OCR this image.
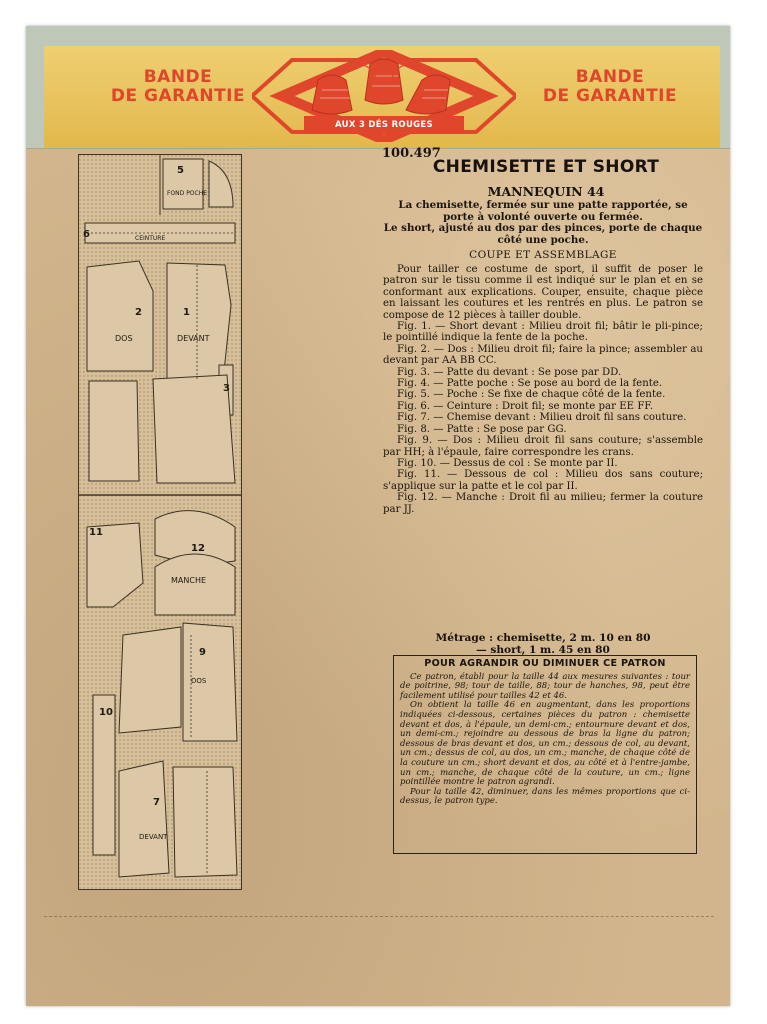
BANDE
DE GARANTIE
AUX 3 DÉS ROUGES
BANDE
DE GARANTIE
5
6
2	1
3
11
12
9
7
10
FOND POCHE
CEINTURE
DOS	DEVANT
MANCHE
DOS
DEVANT
100.497
CHEMISETTE ET SHORT
MANNEQUIN 44

La chemisette, fermée sur une patte rapportée, se porte à volonté ouverte ou fermée.

Le short, ajusté au dos par des pinces, porte de chaque côté une poche.

COUPE ET ASSEMBLAGE

Pour tailler ce costume de sport, il suffit de poser le patron sur le tissu comme il est indiqué sur le plan et en se conformant aux explications. Couper, ensuite, chaque pièce en laissant les coutures et les rentrés en plus. Le patron se compose de 12 pièces à tailler double.

Fig. 1. — Short devant : Milieu droit fil; bâtir le pli-pince; le pointillé indique la fente de la poche.

Fig. 2. — Dos : Milieu droit fil; faire la pince; assembler au devant par AA BB CC.

Fig. 3. — Patte du devant : Se pose par DD.

Fig. 4. — Patte poche : Se pose au bord de la fente.

Fig. 5. — Poche : Se fixe de chaque côté de la fente.

Fig. 6. — Ceinture : Droit fil; se monte par EE FF.

Fig. 7. — Chemise devant : Milieu droit fil sans couture.

Fig. 8. — Patte : Se pose par GG.

Fig. 9. — Dos : Milieu droit fil sans couture; s'assemble par HH; à l'épaule, faire correspondre les crans.

Fig. 10. — Dessus de col : Se monte par II.

Fig. 11. — Dessous de col : Milieu dos sans couture; s'applique sur la patte et le col par II.

Fig. 12. — Manche : Droit fil au milieu; fermer la couture par JJ.

Métrage : chemisette, 2 m. 10 en 80
— short, 1 m. 45 en 80
POUR AGRANDIR OU DIMINUER CE PATRON

Ce patron, établi pour la taille 44 aux mesures suivantes : tour de poitrine, 98; tour de taille, 88; tour de hanches, 98, peut être facilement utilisé pour tailles 42 et 46.

On obtient la taille 46 en augmentant, dans les proportions indiquées ci-dessous, certaines pièces du patron : chemisette devant et dos, à l'épaule, un demi-cm.; entournure devant et dos, un demi-cm.; rejoindre au dessous de bras la ligne du patron; dessous de bras devant et dos, un cm.; dessous de col, au devant, un cm.; dessus de col, au dos, un cm.; manche, de chaque côté de la couture un cm.; short devant et dos, au côté et à l'entre-jambe, un cm.; manche, de chaque côté de la couture, un cm.; ligne pointillée montre le patron agrandi.

Pour la taille 42, diminuer, dans les mêmes proportions que ci-dessus, le patron type.
